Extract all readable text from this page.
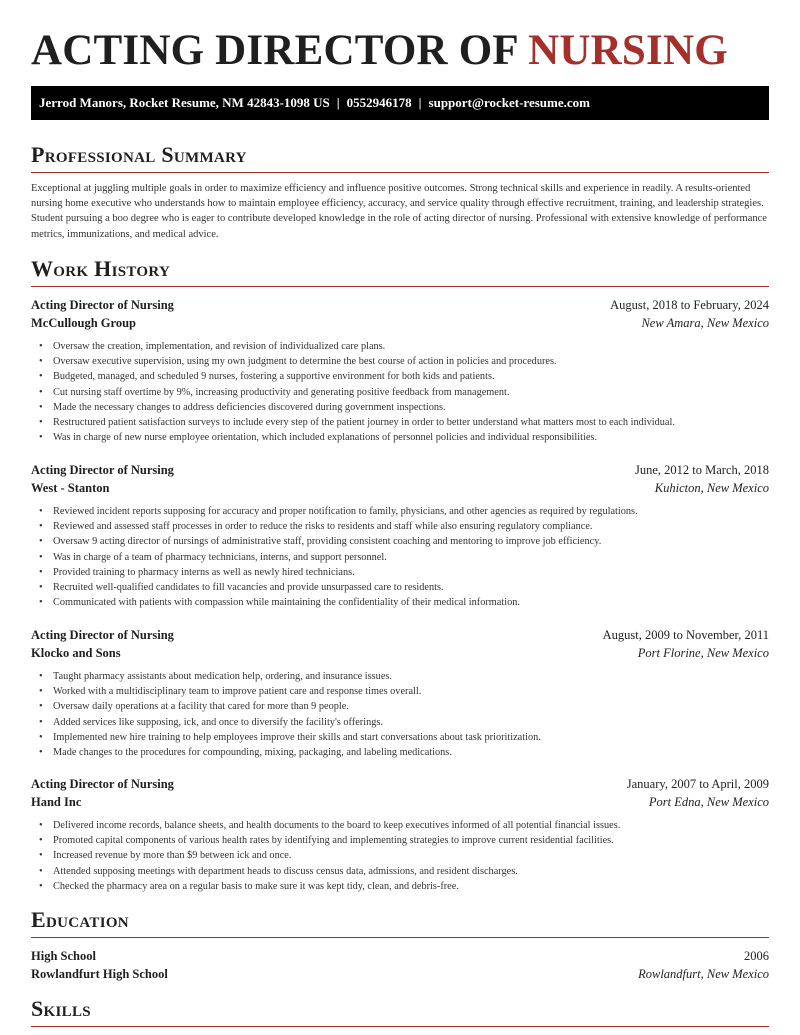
ACTING DIRECTOR OF NURSING
Jerrod Manors, Rocket Resume, NM 42843-1098 US | 0552946178 | support@rocket-resume.com
Professional Summary

Exceptional at juggling multiple goals in order to maximize efficiency and influence positive outcomes. Strong technical skills and experience in readily. A results-oriented nursing home executive who understands how to maintain employee efficiency, accuracy, and service quality through effective recruitment, training, and leadership strategies. Student pursuing a boo degree who is eager to contribute developed knowledge in the role of acting director of nursing. Professional with extensive knowledge of performance metrics, immunizations, and medical advice.

Work History
Acting Director of Nursing	August, 2018 to February, 2024
McCullough Group	New Amara, New Mexico
• Oversaw the creation, implementation, and revision of individualized care plans.
• Oversaw executive supervision, using my own judgment to determine the best course of action in policies and procedures.
• Budgeted, managed, and scheduled 9 nurses, fostering a supportive environment for both kids and patients.
• Cut nursing staff overtime by 9%, increasing productivity and generating positive feedback from management.
• Made the necessary changes to address deficiencies discovered during government inspections.
• Restructured patient satisfaction surveys to include every step of the patient journey in order to better understand what matters most to each individual.
• Was in charge of new nurse employee orientation, which included explanations of personnel policies and individual responsibilities.
Acting Director of Nursing	June, 2012 to March, 2018
West - Stanton	Kuhicton, New Mexico
• Reviewed incident reports supposing for accuracy and proper notification to family, physicians, and other agencies as required by regulations.
• Reviewed and assessed staff processes in order to reduce the risks to residents and staff while also ensuring regulatory compliance.
• Oversaw 9 acting director of nursings of administrative staff, providing consistent coaching and mentoring to improve job efficiency.
• Was in charge of a team of pharmacy technicians, interns, and support personnel.
• Provided training to pharmacy interns as well as newly hired technicians.
• Recruited well-qualified candidates to fill vacancies and provide unsurpassed care to residents.
• Communicated with patients with compassion while maintaining the confidentiality of their medical information.
Acting Director of Nursing	August, 2009 to November, 2011
Klocko and Sons	Port Florine, New Mexico
• Taught pharmacy assistants about medication help, ordering, and insurance issues.
• Worked with a multidisciplinary team to improve patient care and response times overall.
• Oversaw daily operations at a facility that cared for more than 9 people.
• Added services like supposing, ick, and once to diversify the facility's offerings.
• Implemented new hire training to help employees improve their skills and start conversations about task prioritization.
• Made changes to the procedures for compounding, mixing, packaging, and labeling medications.
Acting Director of Nursing	January, 2007 to April, 2009
Hand Inc	Port Edna, New Mexico
• Delivered income records, balance sheets, and health documents to the board to keep executives informed of all potential financial issues.
• Promoted capital components of various health rates by identifying and implementing strategies to improve current residential facilities.
• Increased revenue by more than $9 between ick and once.
• Attended supposing meetings with department heads to discuss census data, admissions, and resident discharges.
• Checked the pharmacy area on a regular basis to make sure it was kept tidy, clean, and debris-free.
Education
High School	2006
Rowlandfurt High School	Rowlandfurt, New Mexico
Skills
